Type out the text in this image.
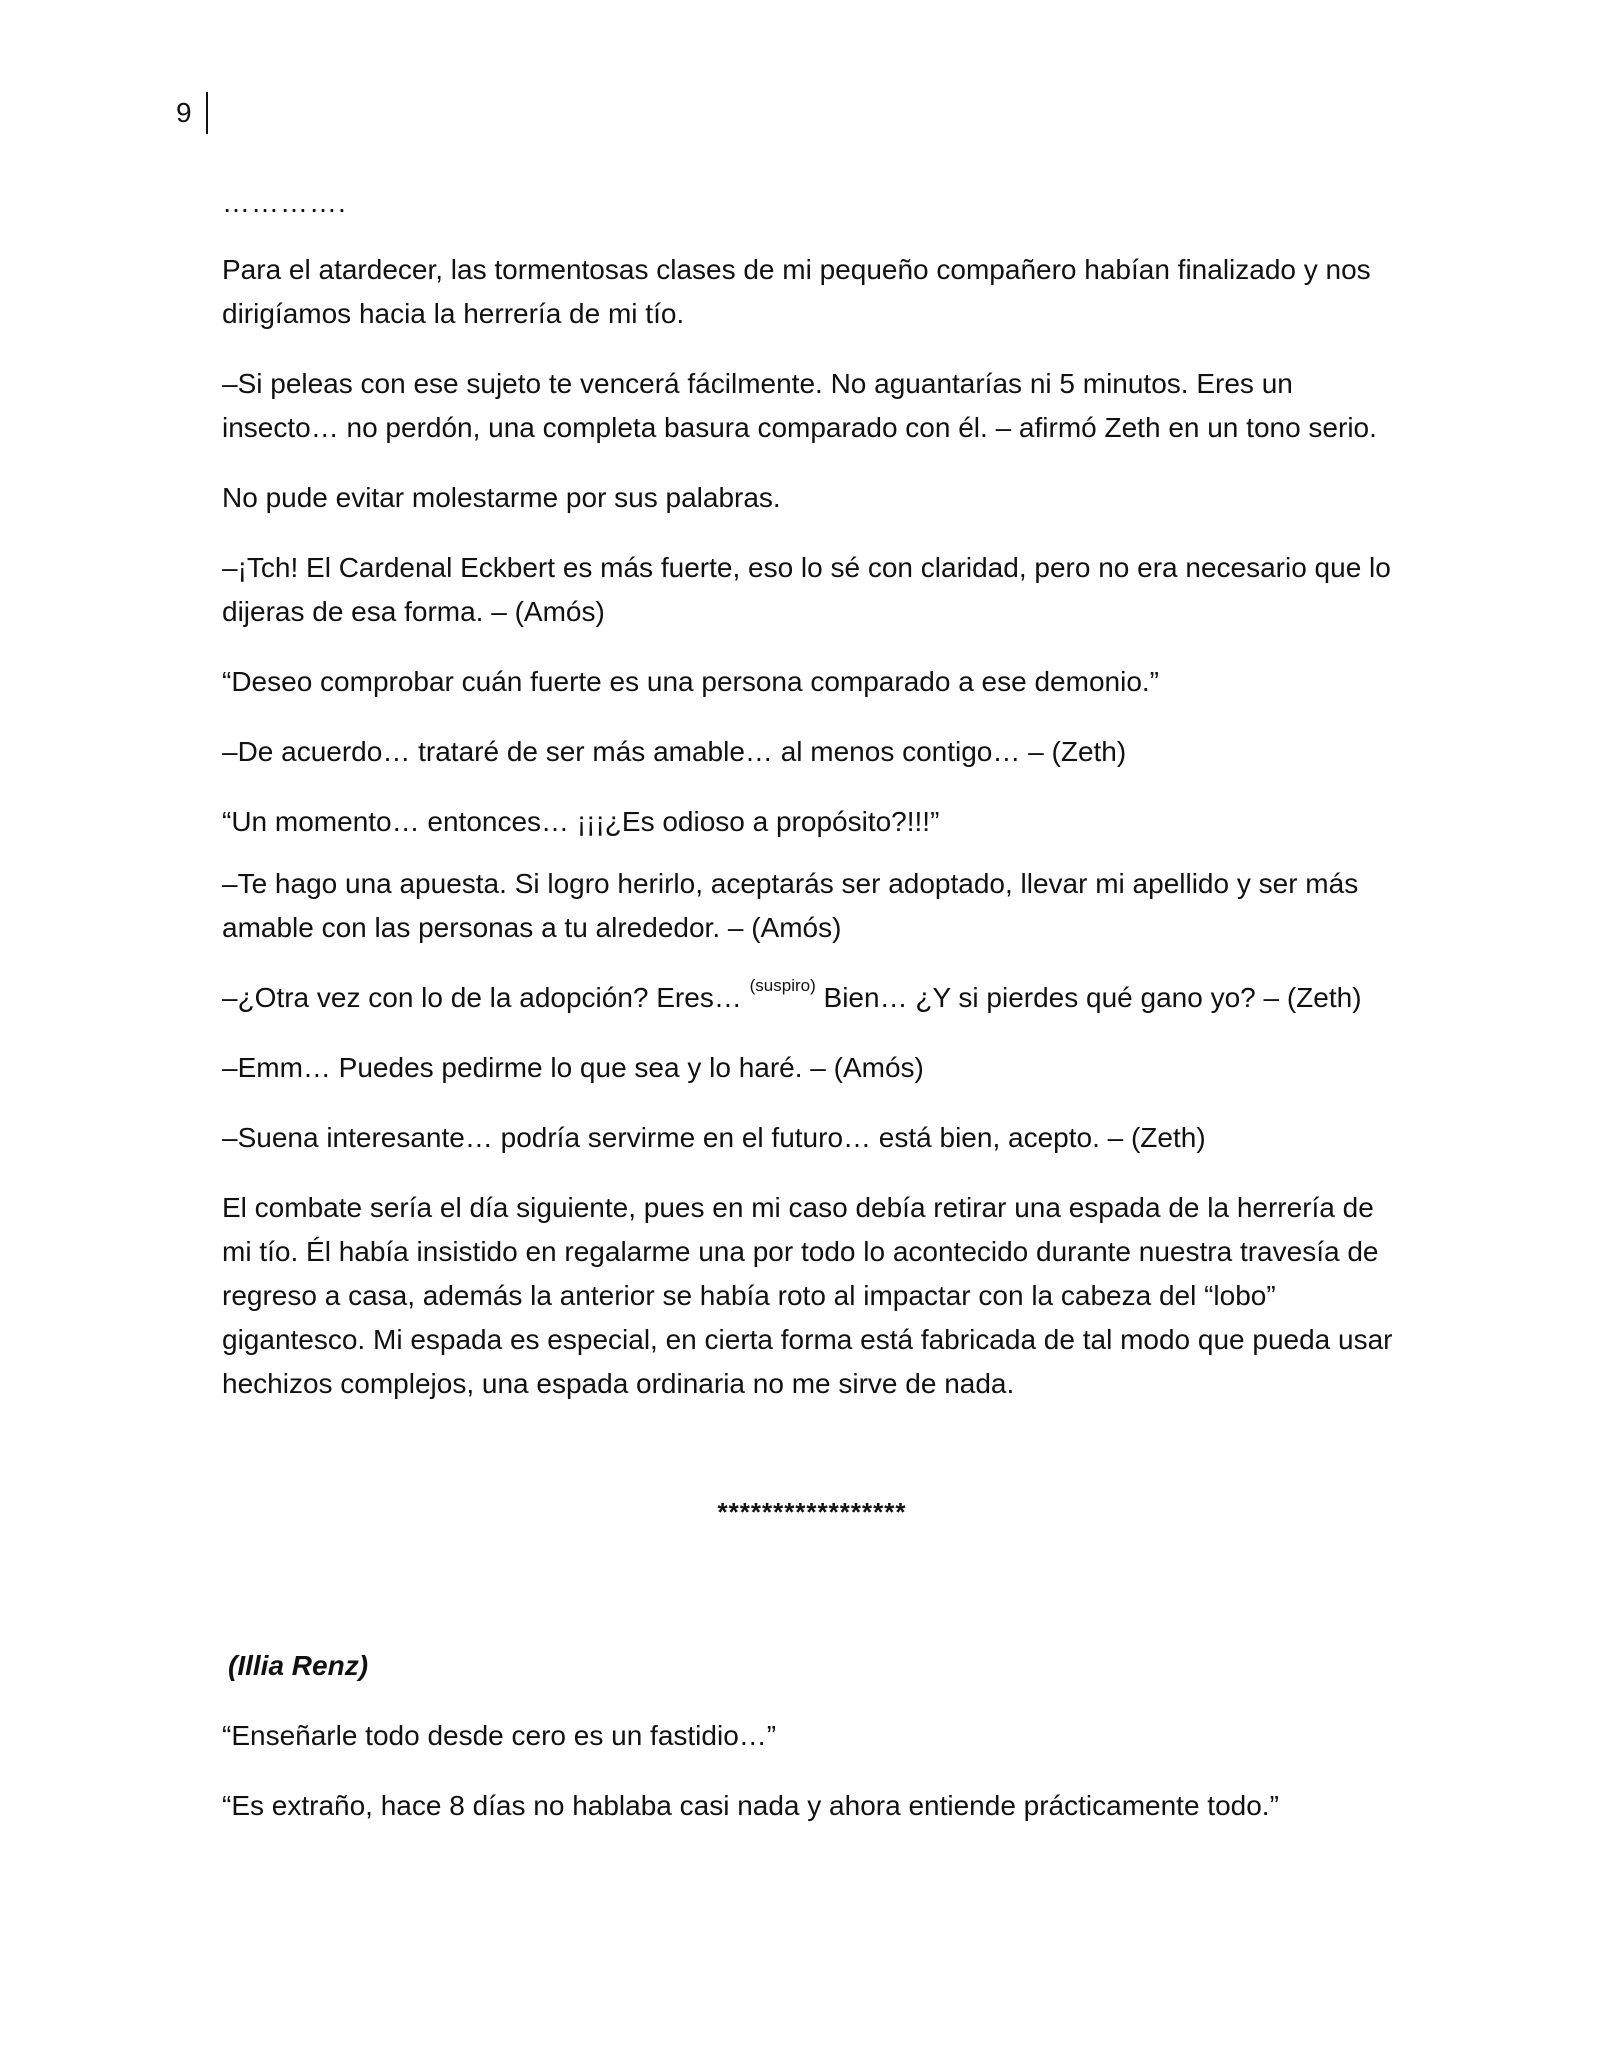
9
………….

Para el atardecer, las tormentosas clases de mi pequeño compañero habían finalizado y nos dirigíamos hacia la herrería de mi tío.

–Si peleas con ese sujeto te vencerá fácilmente. No aguantarías ni 5 minutos. Eres un insecto… no perdón, una completa basura comparado con él. – afirmó Zeth en un tono serio.

No pude evitar molestarme por sus palabras.

–¡Tch! El Cardenal Eckbert es más fuerte, eso lo sé con claridad, pero no era necesario que lo dijeras de esa forma. – (Amós)

“Deseo comprobar cuán fuerte es una persona comparado a ese demonio.”

–De acuerdo… trataré de ser más amable… al menos contigo… – (Zeth)

“Un momento… entonces… ¡¡¡¿Es odioso a propósito?!!!”

–Te hago una apuesta. Si logro herirlo, aceptarás ser adoptado, llevar mi apellido y ser más amable con las personas a tu alrededor. – (Amós)

–¿Otra vez con lo de la adopción? Eres… $^{(suspiro)}$ Bien… ¿Y si pierdes qué gano yo? – (Zeth)

–Emm… Puedes pedirme lo que sea y lo haré. – (Amós)

–Suena interesante… podría servirme en el futuro… está bien, acepto. – (Zeth)

El combate sería el día siguiente, pues en mi caso debía retirar una espada de la herrería de mi tío. Él había insistido en regalarme una por todo lo acontecido durante nuestra travesía de regreso a casa, además la anterior se había roto al impactar con la cabeza del “lobo” gigantesco. Mi espada es especial, en cierta forma está fabricada de tal modo que pueda usar hechizos complejos, una espada ordinaria no me sirve de nada.

*****************
(Illia Renz)

“Enseñarle todo desde cero es un fastidio…”

“Es extraño, hace 8 días no hablaba casi nada y ahora entiende prácticamente todo.”
